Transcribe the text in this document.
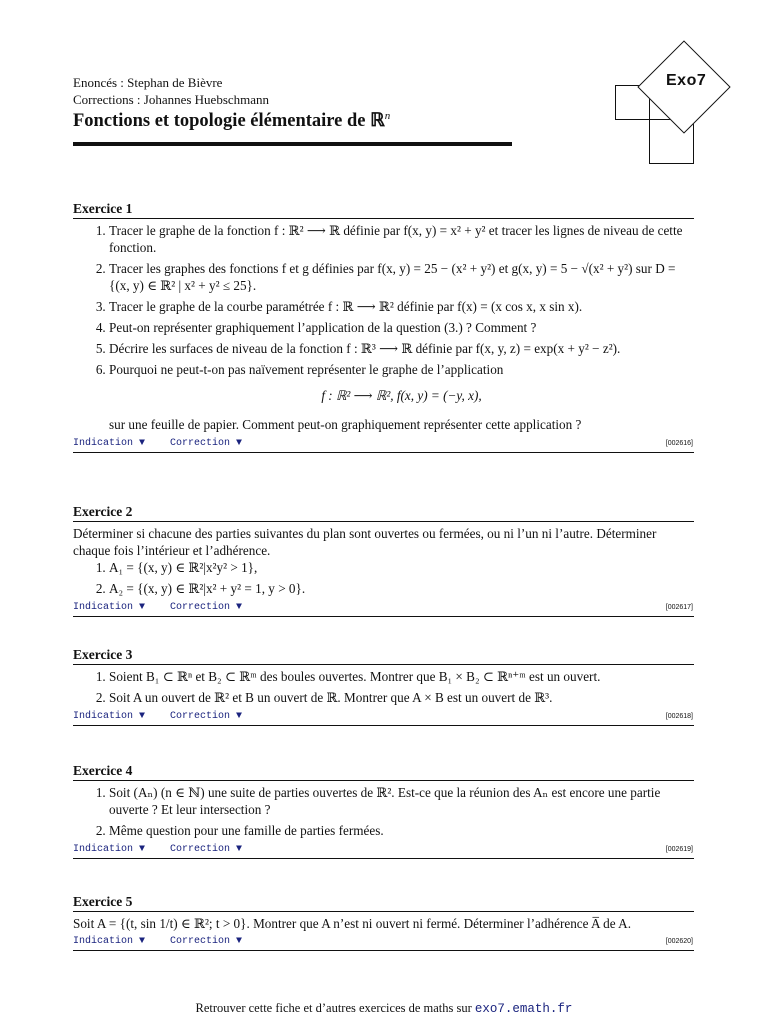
Enoncés : Stephan de Bièvre
Corrections : Johannes Huebschmann
Fonctions et topologie élémentaire de ℝ$^n$
Exo7
Exercice 1
1. Tracer le graphe de la fonction f : ℝ² ⟶ ℝ définie par f(x, y) = x² + y² et tracer les lignes de niveau de cette fonction.
2. Tracer les graphes des fonctions f et g définies par f(x, y) = 25 − (x² + y²) et g(x, y) = 5 − √(x² + y²) sur D = {(x, y) ∈ ℝ² | x² + y² ≤ 25}.
3. Tracer le graphe de la courbe paramétrée f : ℝ ⟶ ℝ² définie par f(x) = (x cos x, x sin x).
4. Peut-on représenter graphiquement l’application de la question (3.) ? Comment ?
5. Décrire les surfaces de niveau de la fonction f : ℝ³ ⟶ ℝ définie par f(x, y, z) = exp(x + y² − z²).
6. Pourquoi ne peut-t-on pas naïvement représenter le graphe de l’application
f : ℝ² ⟶ ℝ², f(x, y) = (−y, x),
sur une feuille de papier. Comment peut-on graphiquement représenter cette application ?
Indication ▼ Correction ▼	[002616]
Exercice 2

Déterminer si chacune des parties suivantes du plan sont ouvertes ou fermées, ou ni l’un ni l’autre. Déterminer chaque fois l’intérieur et l’adhérence.

1. A₁ = {(x, y) ∈ ℝ²|x²y² > 1},
2. A₂ = {(x, y) ∈ ℝ²|x² + y² = 1, y > 0}.
Indication ▼ Correction ▼	[002617]
Exercice 3
1. Soient B₁ ⊂ ℝⁿ et B₂ ⊂ ℝᵐ des boules ouvertes. Montrer que B₁ × B₂ ⊂ ℝⁿ⁺ᵐ est un ouvert.
2. Soit A un ouvert de ℝ² et B un ouvert de ℝ. Montrer que A × B est un ouvert de ℝ³.
Indication ▼ Correction ▼	[002618]
Exercice 4
1. Soit (Aₙ) (n ∈ ℕ) une suite de parties ouvertes de ℝ². Est-ce que la réunion des Aₙ est encore une partie ouverte ? Et leur intersection ?
2. Même question pour une famille de parties fermées.
Indication ▼ Correction ▼	[002619]
Exercice 5

Soit A = {(t, sin 1/t) ∈ ℝ²; t > 0}. Montrer que A n’est ni ouvert ni fermé. Déterminer l’adhérence A̅ de A.

Indication ▼ Correction ▼	[002620]
Retrouver cette fiche et d’autres exercices de maths sur exo7.emath.fr
